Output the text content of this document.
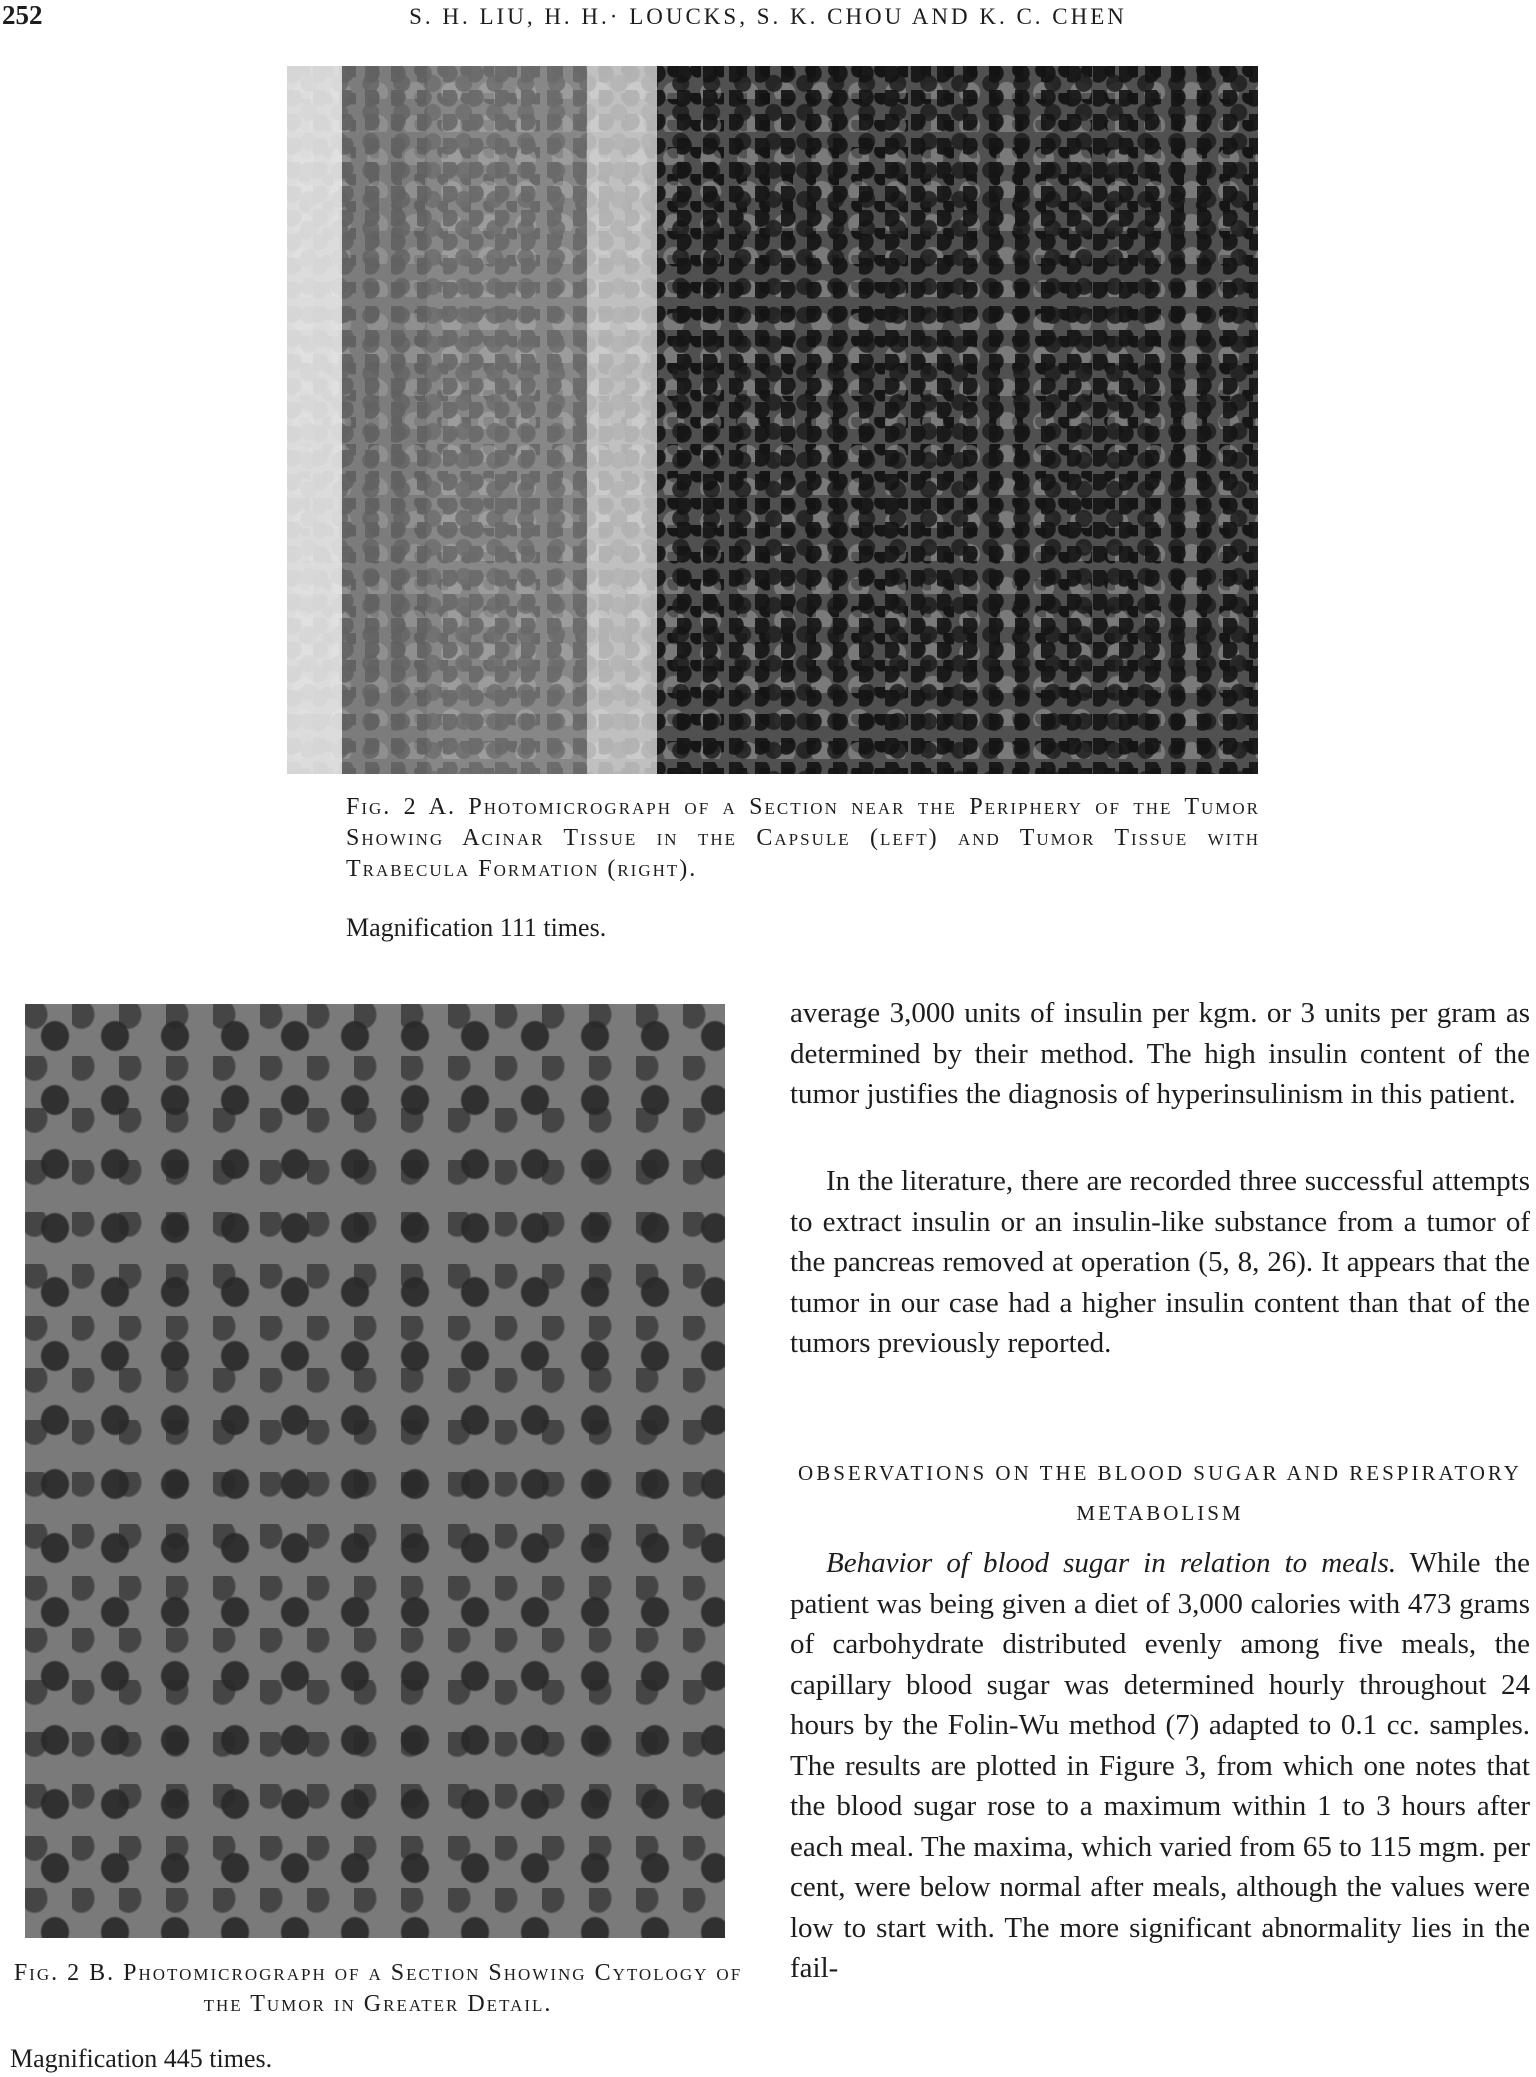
252	S. H. LIU, H. H.· LOUCKS, S. K. CHOU AND K. C. CHEN
Fig. 2 A. Photomicrograph of a Section near the Periphery of the Tumor Showing Acinar Tissue in the Capsule (left) and Tumor Tissue with Trabecula Formation (right).
Magnification 111 times.
Fig. 2 B. Photomicrograph of a Section Showing Cytology of the Tumor in Greater Detail.
Magnification 445 times.
average 3,000 units of insulin per kgm. or 3 units per gram as determined by their method. The high insulin content of the tumor justifies the diagnosis of hyperinsulinism in this patient.
In the literature, there are recorded three successful attempts to extract insulin or an insulin-like substance from a tumor of the pancreas removed at operation (5, 8, 26). It appears that the tumor in our case had a higher insulin content than that of the tumors previously reported.
OBSERVATIONS ON THE BLOOD SUGAR AND RESPIRATORY METABOLISM
Behavior of blood sugar in relation to meals. While the patient was being given a diet of 3,000 calories with 473 grams of carbohydrate distributed evenly among five meals, the capillary blood sugar was determined hourly throughout 24 hours by the Folin-Wu method (7) adapted to 0.1 cc. samples. The results are plotted in Figure 3, from which one notes that the blood sugar rose to a maximum within 1 to 3 hours after each meal. The maxima, which varied from 65 to 115 mgm. per cent, were below normal after meals, although the values were low to start with. The more significant abnormality lies in the fail-
